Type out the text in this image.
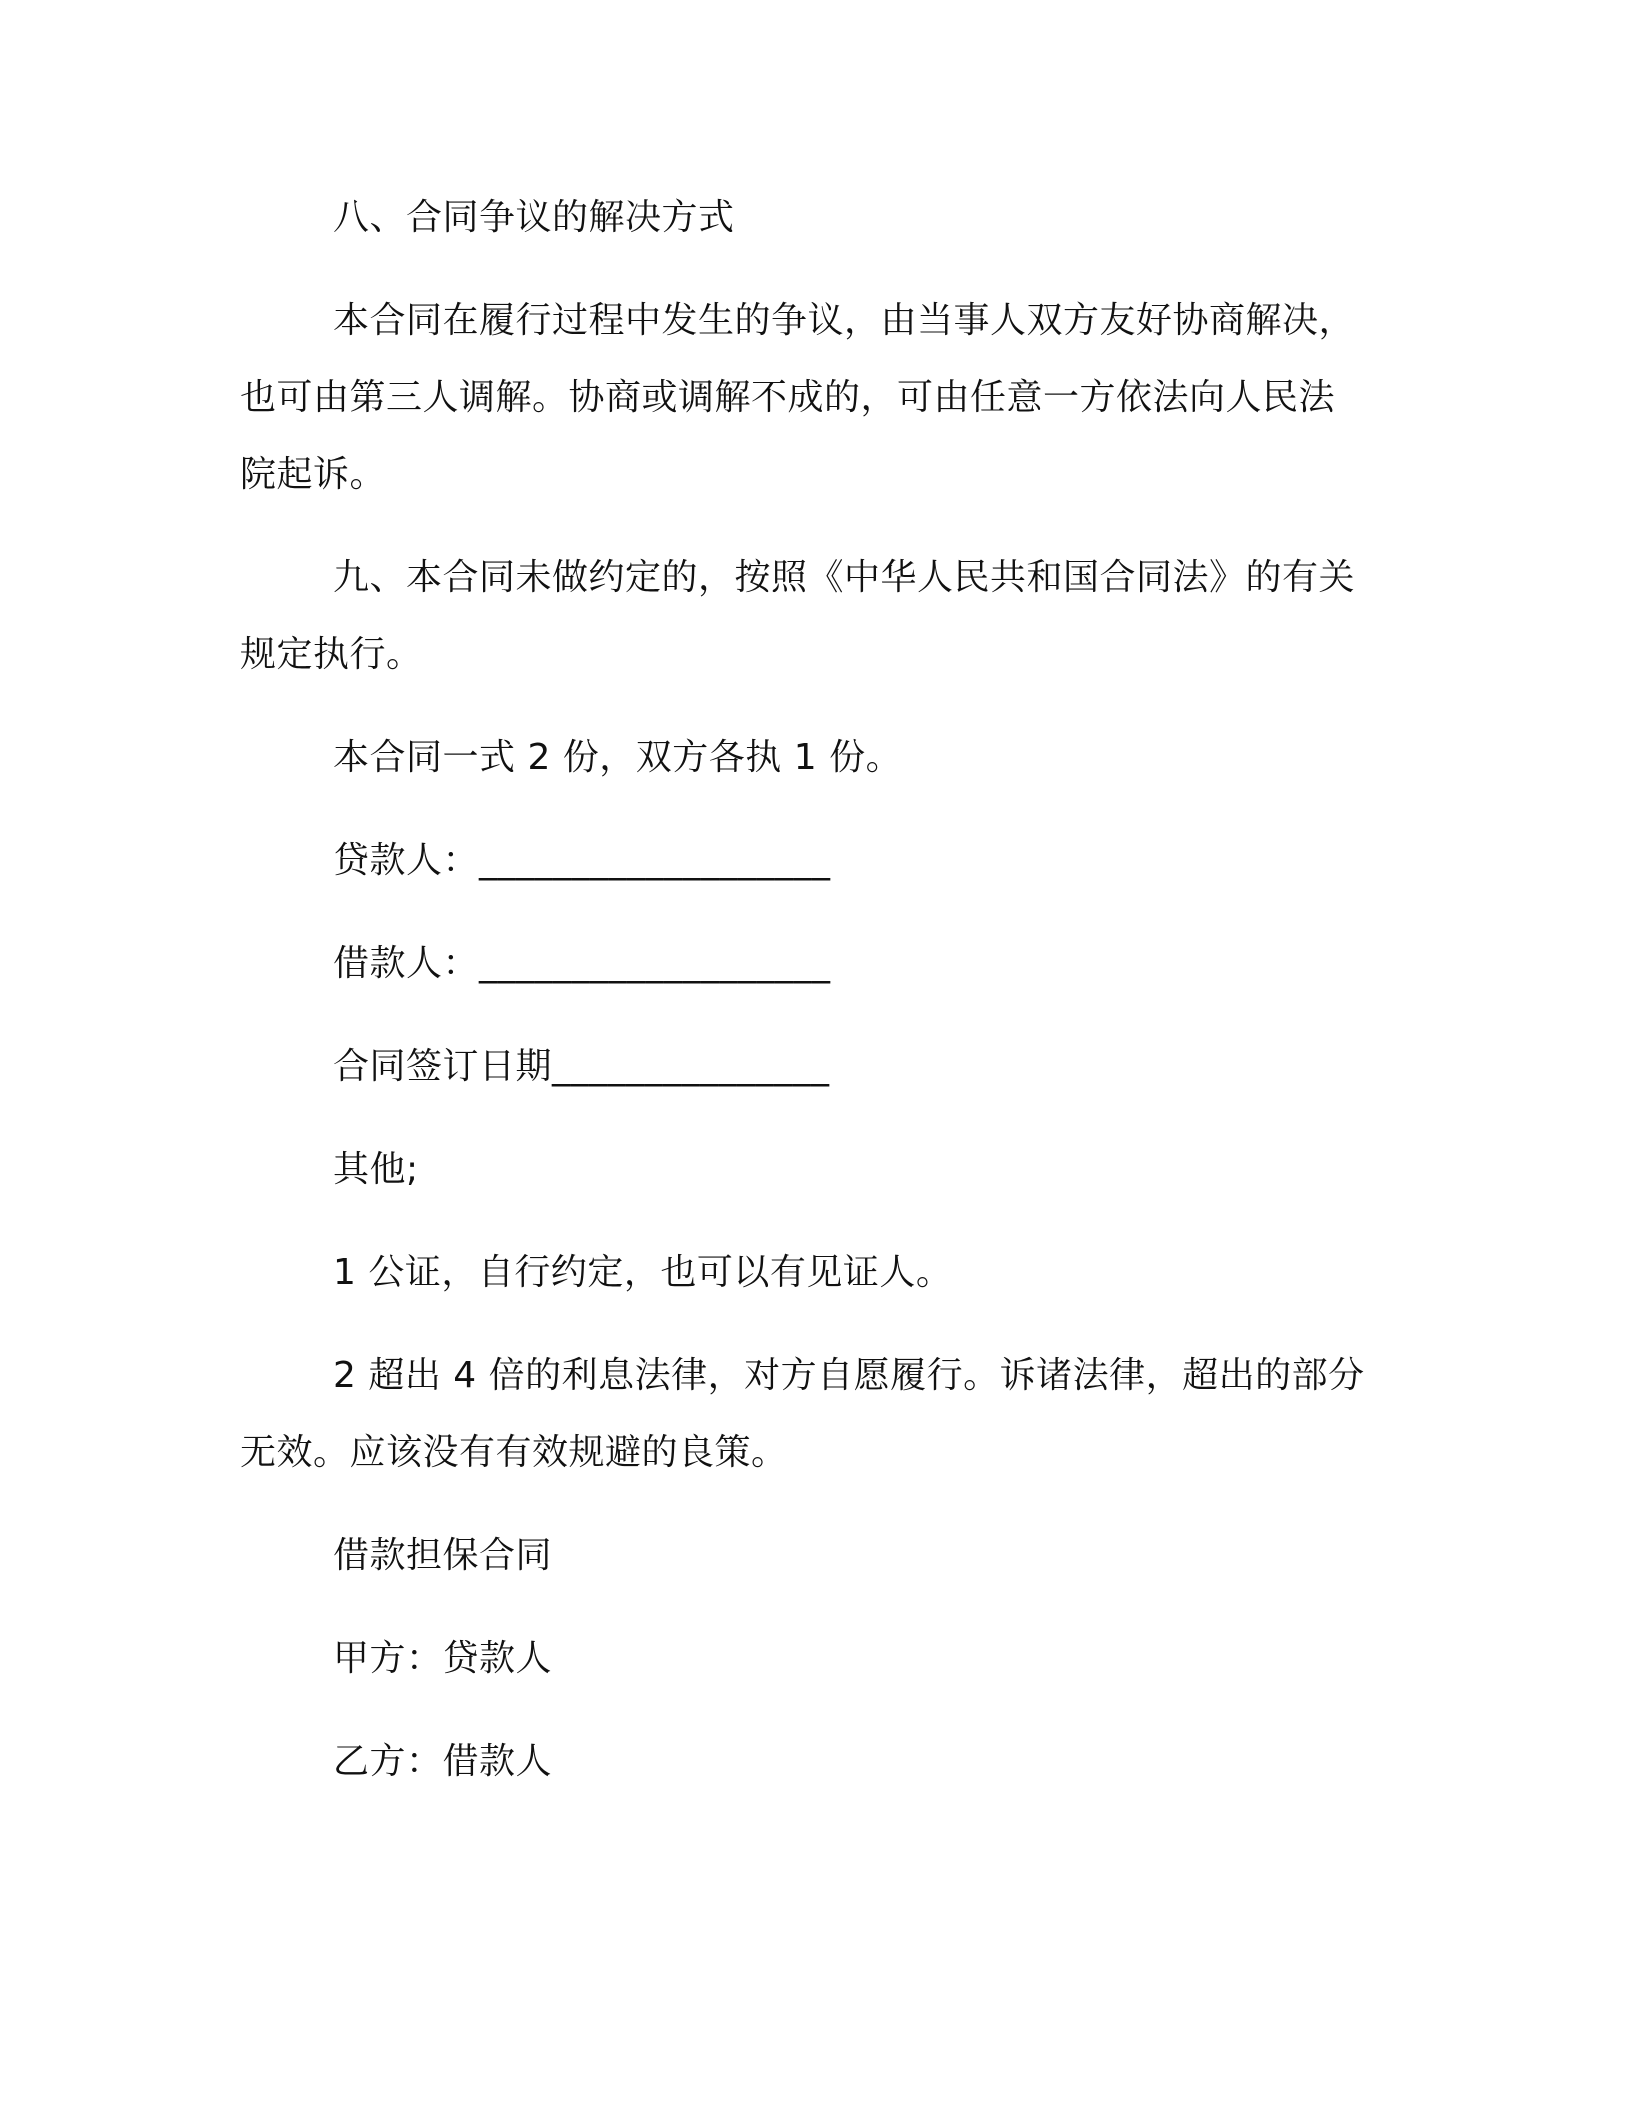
八、合同争议的解决方式
本合同在履行过程中发生的争议，由当事人双方友好协商解决，
也可由第三人调解。协商或调解不成的，可由任意一方依法向人民法
院起诉。
九、本合同未做约定的，按照《中华人民共和国合同法》的有关
规定执行。
本合同一式 2 份，双方各执 1 份。
贷款人：___________________
借款人：___________________
合同签订日期_______________
其他;
1 公证，自行约定，也可以有见证人。
2 超出 4 倍的利息法律，对方自愿履行。诉诸法律，超出的部分
无效。应该没有有效规避的良策。
借款担保合同
甲方：贷款人
乙方：借款人
